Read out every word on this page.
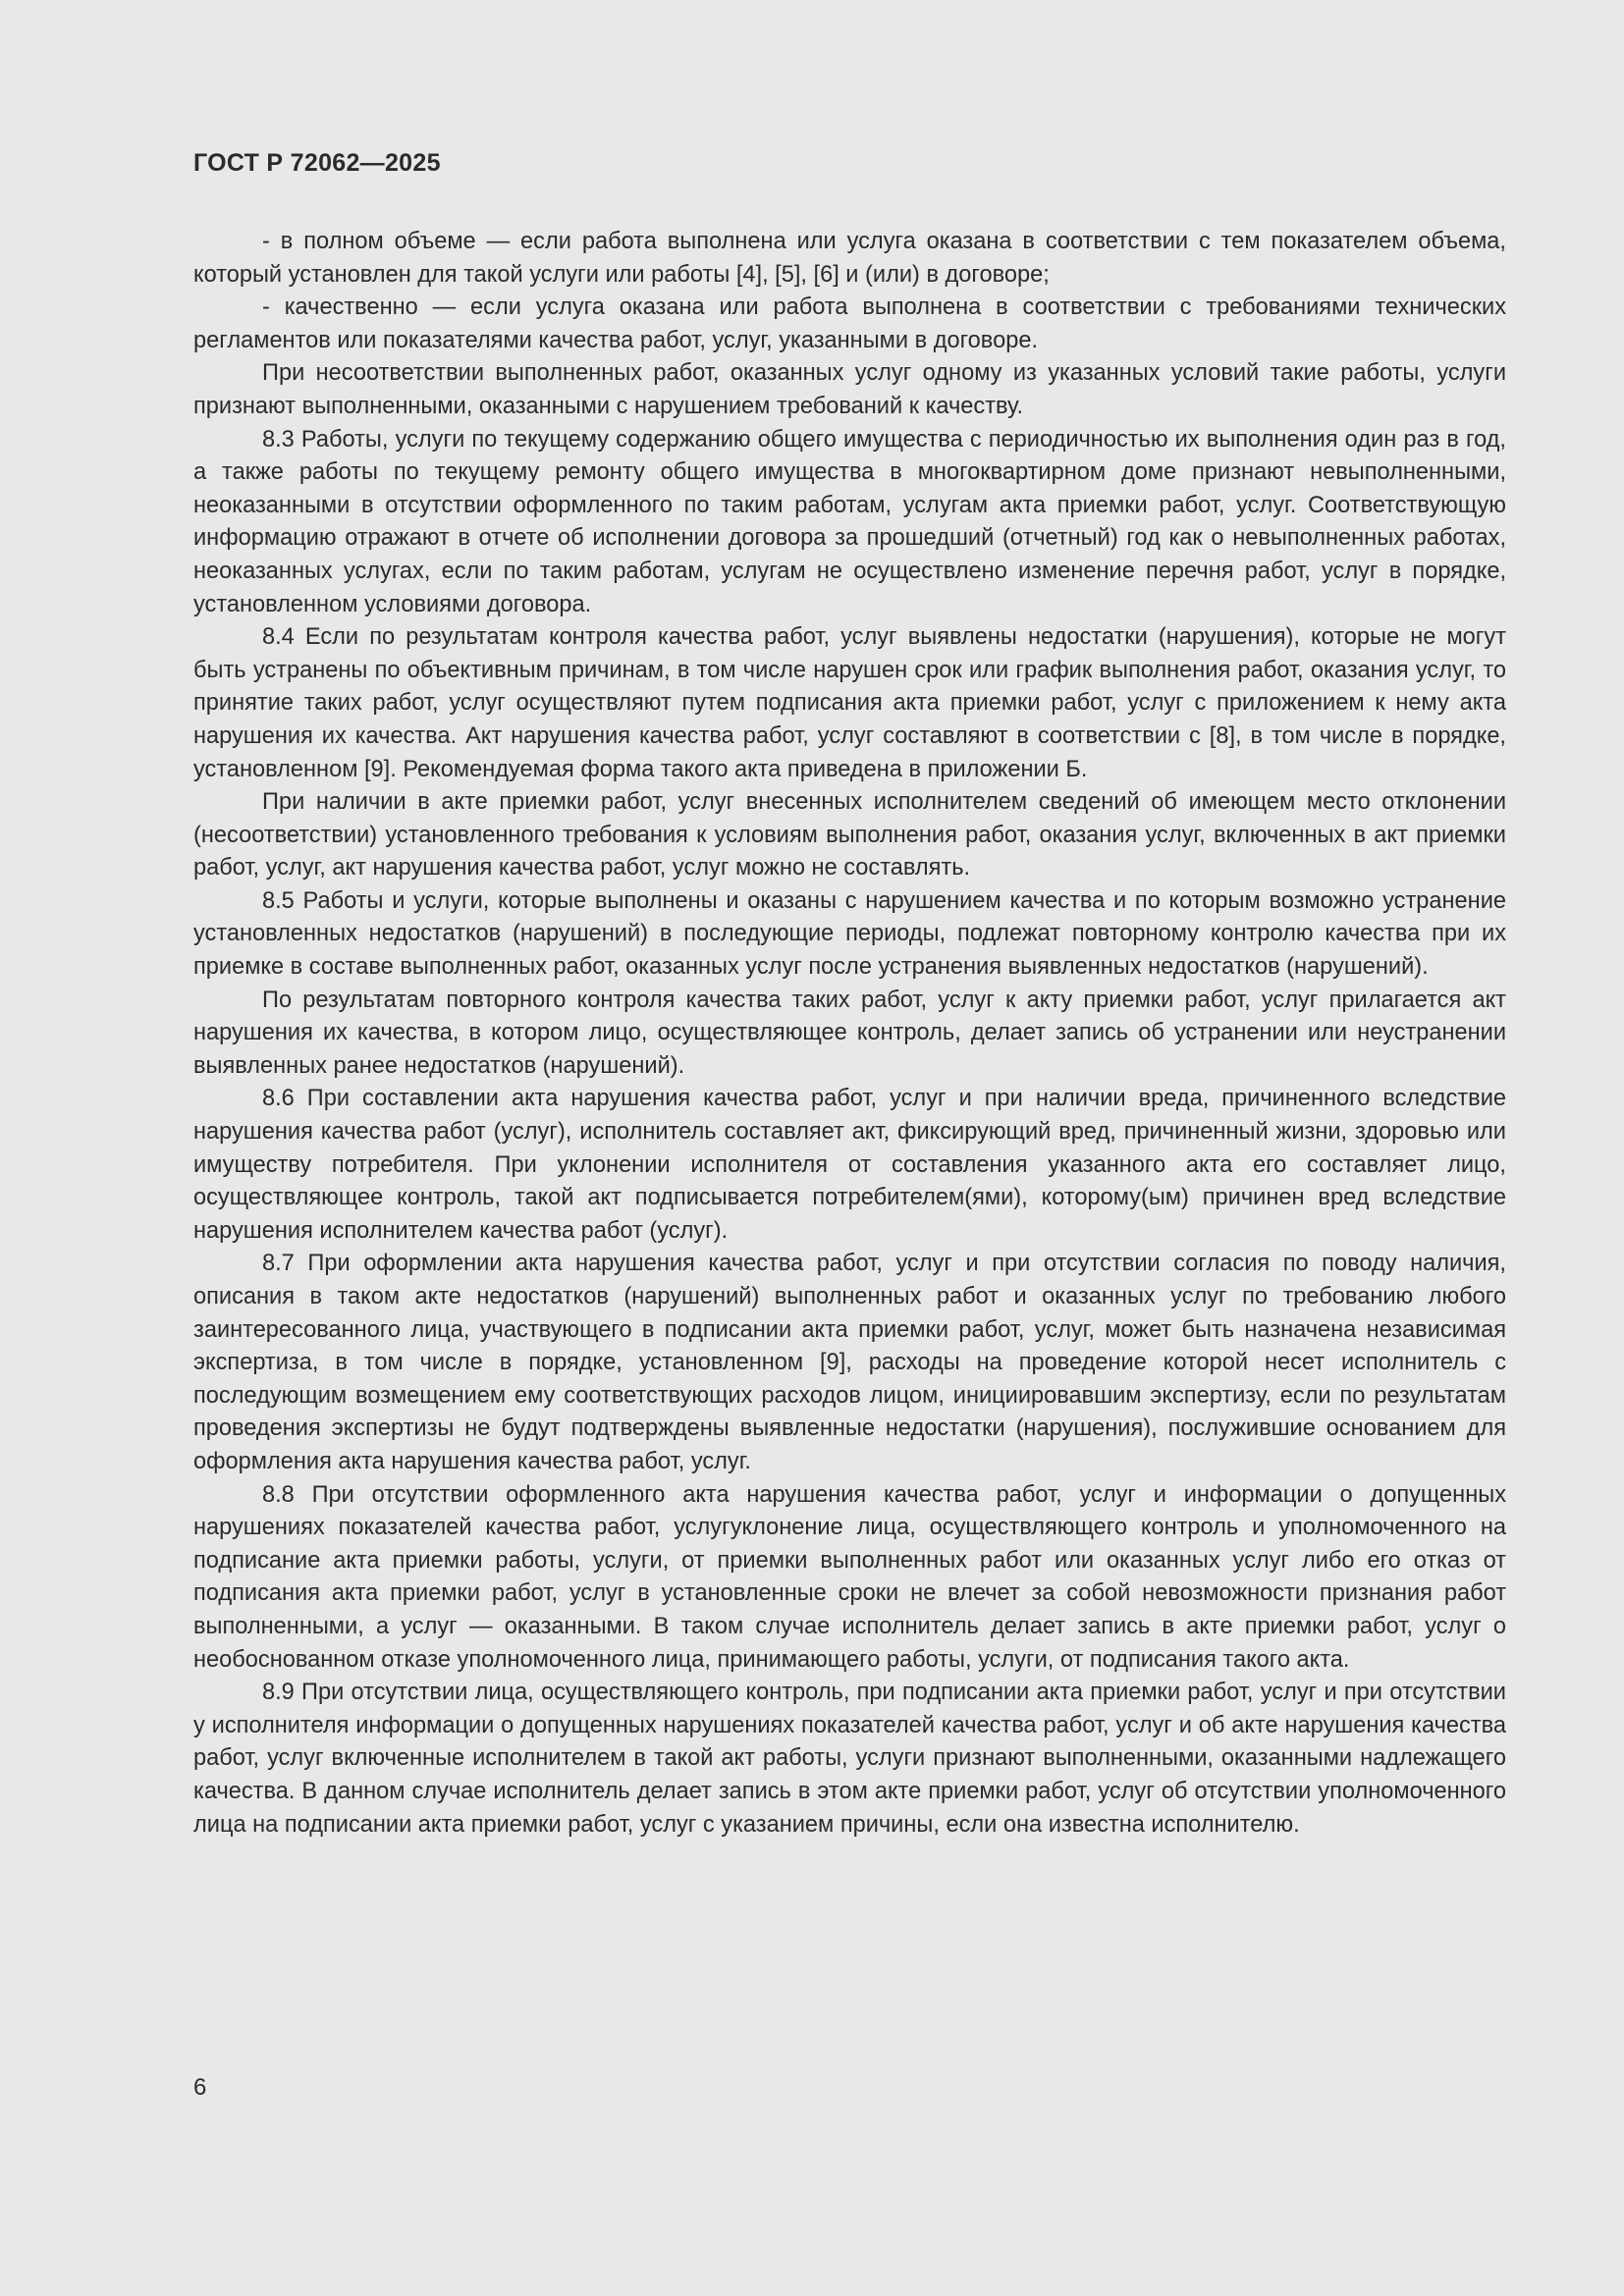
ГОСТ Р 72062—2025

- в полном объеме — если работа выполнена или услуга оказана в соответствии с тем показателем объема, который установлен для такой услуги или работы [4], [5], [6] и (или) в договоре;

- качественно — если услуга оказана или работа выполнена в соответствии с требованиями технических регламентов или показателями качества работ, услуг, указанными в договоре.

При несоответствии выполненных работ, оказанных услуг одному из указанных условий такие работы, услуги признают выполненными, оказанными с нарушением требований к качеству.

8.3 Работы, услуги по текущему содержанию общего имущества с периодичностью их выполнения один раз в год, а также работы по текущему ремонту общего имущества в многоквартирном доме признают невыполненными, неоказанными в отсутствии оформленного по таким работам, услугам акта приемки работ, услуг. Соответствующую информацию отражают в отчете об исполнении договора за прошедший (отчетный) год как о невыполненных работах, неоказанных услугах, если по таким работам, услугам не осуществлено изменение перечня работ, услуг в порядке, установленном условиями договора.

8.4 Если по результатам контроля качества работ, услуг выявлены недостатки (нарушения), которые не могут быть устранены по объективным причинам, в том числе нарушен срок или график выполнения работ, оказания услуг, то принятие таких работ, услуг осуществляют путем подписания акта приемки работ, услуг с приложением к нему акта нарушения их качества. Акт нарушения качества работ, услуг составляют в соответствии с [8], в том числе в порядке, установленном [9]. Рекомендуемая форма такого акта приведена в приложении Б.

При наличии в акте приемки работ, услуг внесенных исполнителем сведений об имеющем место отклонении (несоответствии) установленного требования к условиям выполнения работ, оказания услуг, включенных в акт приемки работ, услуг, акт нарушения качества работ, услуг можно не составлять.

8.5 Работы и услуги, которые выполнены и оказаны с нарушением качества и по которым возможно устранение установленных недостатков (нарушений) в последующие периоды, подлежат повторному контролю качества при их приемке в составе выполненных работ, оказанных услуг после устранения выявленных недостатков (нарушений).

По результатам повторного контроля качества таких работ, услуг к акту приемки работ, услуг прилагается акт нарушения их качества, в котором лицо, осуществляющее контроль, делает запись об устранении или неустранении выявленных ранее недостатков (нарушений).

8.6 При составлении акта нарушения качества работ, услуг и при наличии вреда, причиненного вследствие нарушения качества работ (услуг), исполнитель составляет акт, фиксирующий вред, причиненный жизни, здоровью или имуществу потребителя. При уклонении исполнителя от составления указанного акта его составляет лицо, осуществляющее контроль, такой акт подписывается потребителем(ями), которому(ым) причинен вред вследствие нарушения исполнителем качества работ (услуг).

8.7 При оформлении акта нарушения качества работ, услуг и при отсутствии согласия по поводу наличия, описания в таком акте недостатков (нарушений) выполненных работ и оказанных услуг по требованию любого заинтересованного лица, участвующего в подписании акта приемки работ, услуг, может быть назначена независимая экспертиза, в том числе в порядке, установленном [9], расходы на проведение которой несет исполнитель с последующим возмещением ему соответствующих расходов лицом, инициировавшим экспертизу, если по результатам проведения экспертизы не будут подтверждены выявленные недостатки (нарушения), послужившие основанием для оформления акта нарушения качества работ, услуг.

8.8 При отсутствии оформленного акта нарушения качества работ, услуг и информации о допущенных нарушениях показателей качества работ, услугуклонение лица, осуществляющего контроль и уполномоченного на подписание акта приемки работы, услуги, от приемки выполненных работ или оказанных услуг либо его отказ от подписания акта приемки работ, услуг в установленные сроки не влечет за собой невозможности признания работ выполненными, а услуг — оказанными. В таком случае исполнитель делает запись в акте приемки работ, услуг о необоснованном отказе уполномоченного лица, принимающего работы, услуги, от подписания такого акта.

8.9 При отсутствии лица, осуществляющего контроль, при подписании акта приемки работ, услуг и при отсутствии у исполнителя информации о допущенных нарушениях показателей качества работ, услуг и об акте нарушения качества работ, услуг включенные исполнителем в такой акт работы, услуги признают выполненными, оказанными надлежащего качества. В данном случае исполнитель делает запись в этом акте приемки работ, услуг об отсутствии уполномоченного лица на подписании акта приемки работ, услуг с указанием причины, если она известна исполнителю.

6
